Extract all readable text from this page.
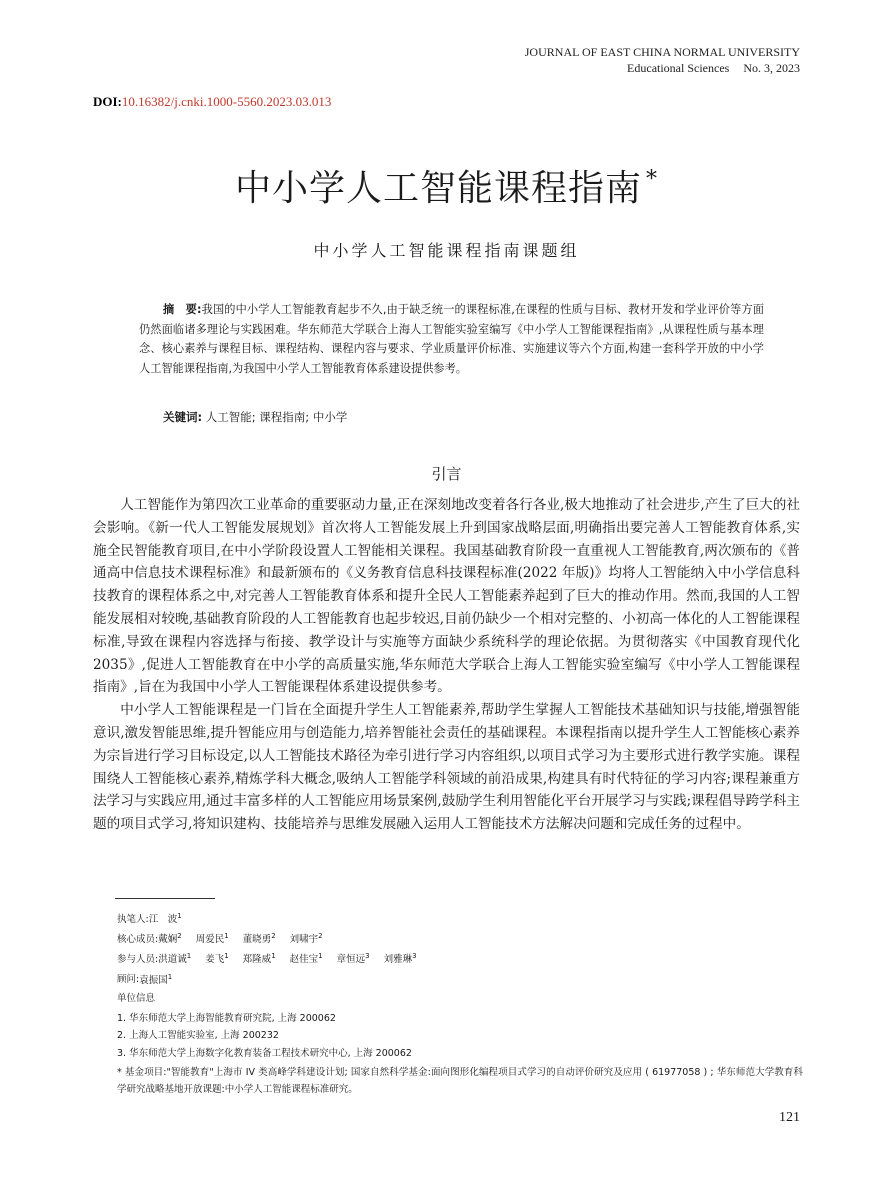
JOURNAL OF EAST CHINA NORMAL UNIVERSITY
Educational Sciences No. 3, 2023
DOI:10.16382/j.cnki.1000-5560.2023.03.013
中小学人工智能课程指南 *
中小学人工智能课程指南课题组
摘　要:我国的中小学人工智能教育起步不久,由于缺乏统一的课程标准,在课程的性质与目标、教材开发和学业评价等方面仍然面临诸多理论与实践困难。华东师范大学联合上海人工智能实验室编写《中小学人工智能课程指南》,从课程性质与基本理念、核心素养与课程目标、课程结构、课程内容与要求、学业质量评价标准、实施建议等六个方面,构建一套科学开放的中小学人工智能课程指南,为我国中小学人工智能教育体系建设提供参考。
关键词: 人工智能; 课程指南; 中小学
引言

人工智能作为第四次工业革命的重要驱动力量,正在深刻地改变着各行各业,极大地推动了社会进步,产生了巨大的社会影响。《新一代人工智能发展规划》首次将人工智能发展上升到国家战略层面,明确指出要完善人工智能教育体系,实施全民智能教育项目,在中小学阶段设置人工智能相关课程。我国基础教育阶段一直重视人工智能教育,两次颁布的《普通高中信息技术课程标准》和最新颁布的《义务教育信息科技课程标准(2022 年版)》均将人工智能纳入中小学信息科技教育的课程体系之中,对完善人工智能教育体系和提升全民人工智能素养起到了巨大的推动作用。然而,我国的人工智能发展相对较晚,基础教育阶段的人工智能教育也起步较迟,目前仍缺少一个相对完整的、小初高一体化的人工智能课程标准,导致在课程内容选择与衔接、教学设计与实施等方面缺少系统科学的理论依据。为贯彻落实《中国教育现代化 2035》,促进人工智能教育在中小学的高质量实施,华东师范大学联合上海人工智能实验室编写《中小学人工智能课程指南》,旨在为我国中小学人工智能课程体系建设提供参考。

中小学人工智能课程是一门旨在全面提升学生人工智能素养,帮助学生掌握人工智能技术基础知识与技能,增强智能意识,激发智能思维,提升智能应用与创造能力,培养智能社会责任的基础课程。本课程指南以提升学生人工智能核心素养为宗旨进行学习目标设定,以人工智能技术路径为牵引进行学习内容组织,以项目式学习为主要形式进行教学实施。课程围绕人工智能核心素养,精炼学科大概念,吸纳人工智能学科领域的前沿成果,构建具有时代特征的学习内容;课程兼重方法学习与实践应用,通过丰富多样的人工智能应用场景案例,鼓励学生利用智能化平台开展学习与实践;课程倡导跨学科主题的项目式学习,将知识建构、技能培养与思维发展融入运用人工智能技术方法解决问题和完成任务的过程中。

执笔人:江　波$^1$
核心成员:戴娴$^2$ 周爱民$^1$ 董晓勇$^2$ 刘啸宇$^2$
参与人员:洪道诚$^1$ 姜飞$^1$ 郑隆威$^1$ 赵佳宝$^1$ 章恒远$^3$ 刘雅琳$^3$
顾问:袁振国$^1$
单位信息
1. 华东师范大学上海智能教育研究院, 上海 200062
2. 上海人工智能实验室, 上海 200232
3. 华东师范大学上海数字化教育装备工程技术研究中心, 上海 200062
* 基金项目:"智能教育"上海市 IV 类高峰学科建设计划; 国家自然科学基金:面向图形化编程项目式学习的自动评价研究及应用 ( 61977058 ) ; 华东师范大学教育科学研究战略基地开放课题:中小学人工智能课程标准研究。
121
